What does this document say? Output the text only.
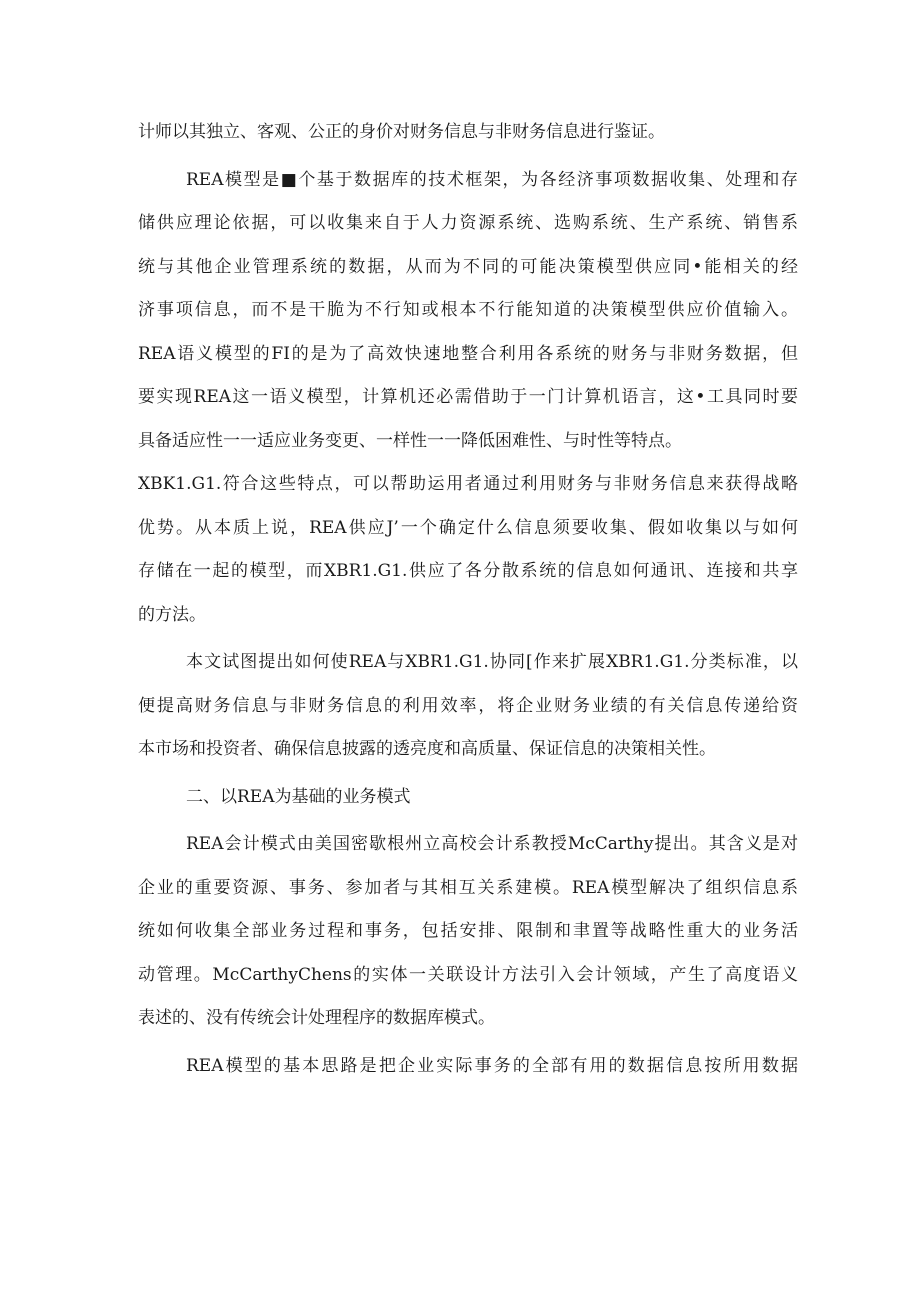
计师以其独立、客观、公正的身价对财务信息与非财务信息进行鉴证。
REA模型是■个基于数据库的技术框架，为各经济事项数据收集、处理和存
储供应理论依据，可以收集来自于人力资源系统、选购系统、生产系统、销售系
统与其他企业管理系统的数据，从而为不同的可能决策模型供应同•能相关的经
济事项信息，而不是干脆为不行知或根本不行能知道的决策模型供应价值输入。
REA语义模型的FI的是为了高效快速地整合利用各系统的财务与非财务数据，但
要实现REA这一语义模型，计算机还必需借助于一门计算机语言，这•工具同时要
具备适应性一一适应业务变更、一样性一一降低困难性、与时性等特点。
XBK1.G1.符合这些特点，可以帮助运用者通过利用财务与非财务信息来获得战略
优势。从本质上说，REA供应J’一个确定什么信息须要收集、假如收集以与如何
存储在一起的模型，而XBR1.G1.供应了各分散系统的信息如何通讯、连接和共享
的方法。
本文试图提出如何使REA与XBR1.G1.协同[作来扩展XBR1.G1.分类标准，以
便提高财务信息与非财务信息的利用效率，将企业财务业绩的有关信息传递给资
本市场和投资者、确保信息披露的透亮度和高质量、保证信息的决策相关性。
二、以REA为基础的业务模式
REA会计模式由美国密歇根州立高校会计系教授McCarthy提出。其含义是对
企业的重要资源、事务、参加者与其相互关系建模。REA模型解决了组织信息系
统如何收集全部业务过程和事务，包括安排、限制和聿置等战略性重大的业务活
动管理。McCarthyChens的实体一关联设计方法引入会计领域，产生了高度语义
表述的、没有传统会计处理程序的数据库模式。
REA模型的基本思路是把企业实际事务的全部有用的数据信息按所用数据
